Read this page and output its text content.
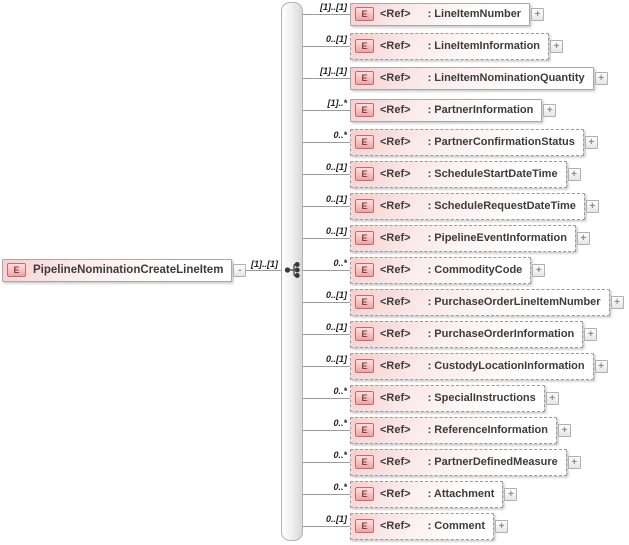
E	PipelineNominationCreateLineItem	-
[1]..[1]
[1]..[1]
E	<Ref> : LineItemNumber	+
0..[1]
E	<Ref> : LineItemInformation	+
[1]..[1]
E	<Ref> : LineItemNominationQuantity	+
[1]..*
E	<Ref> : PartnerInformation	+
0..*
E	<Ref> : PartnerConfirmationStatus	+
0..[1]
E	<Ref> : ScheduleStartDateTime	+
0..[1]
E	<Ref> : ScheduleRequestDateTime	+
0..[1]
E	<Ref> : PipelineEventInformation	+
0..*
E	<Ref> : CommodityCode	+
0..[1]
E	<Ref> : PurchaseOrderLineItemNumber	+
0..[1]
E	<Ref> : PurchaseOrderInformation	+
0..[1]
E	<Ref> : CustodyLocationInformation	+
0..*
E	<Ref> : SpecialInstructions	+
0..*
E	<Ref> : ReferenceInformation	+
0..*
E	<Ref> : PartnerDefinedMeasure	+
0..*
E	<Ref> : Attachment	+
0..[1]
E	<Ref> : Comment	+
